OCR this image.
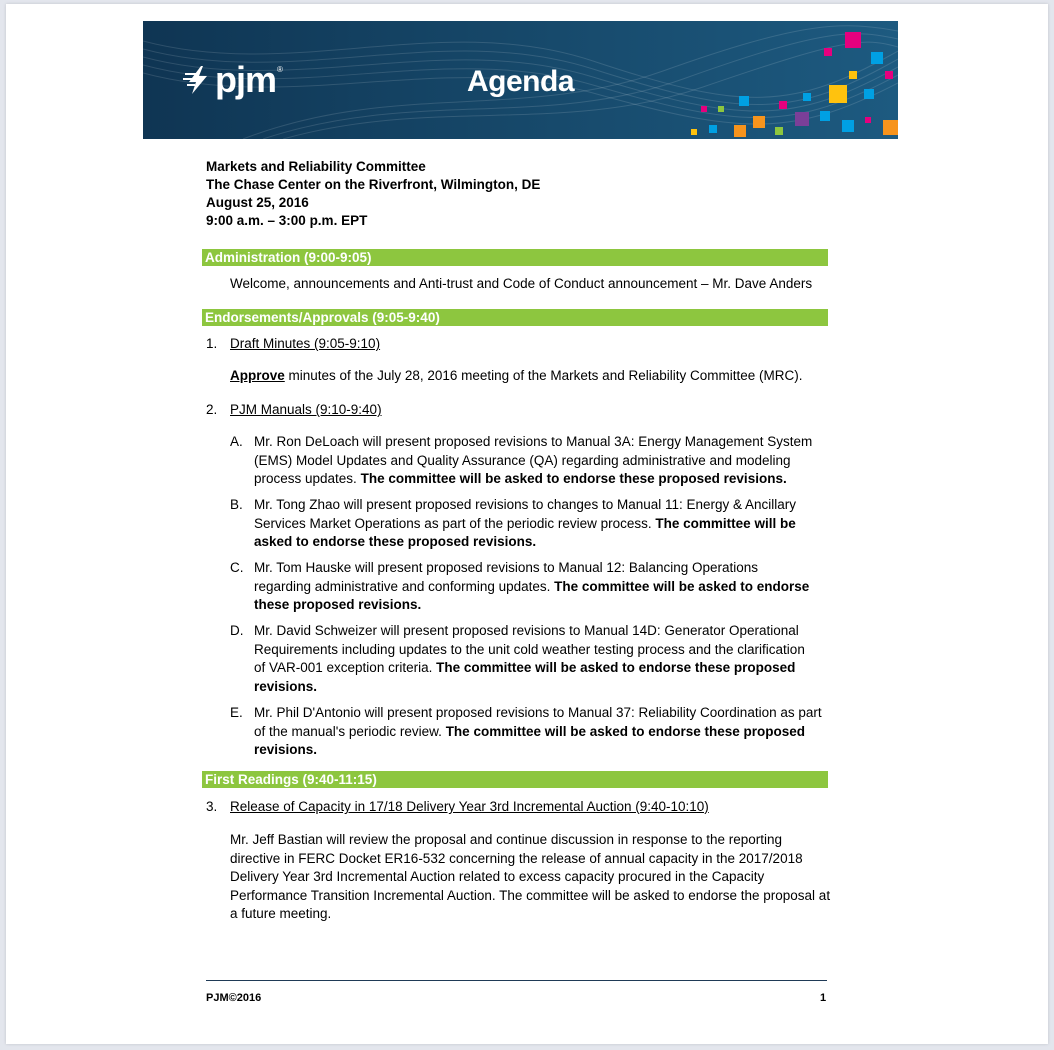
pjm ®	Agenda
Markets and Reliability Committee
The Chase Center on the Riverfront, Wilmington, DE
August 25, 2016
9:00 a.m. – 3:00 p.m. EPT
Administration (9:00-9:05)
Welcome, announcements and Anti-trust and Code of Conduct announcement – Mr. Dave Anders
Endorsements/Approvals (9:05-9:40)
1. Draft Minutes (9:05-9:10)
Approve minutes of the July 28, 2016 meeting of the Markets and Reliability Committee (MRC).
2. PJM Manuals (9:10-9:40)
A. Mr. Ron DeLoach will present proposed revisions to Manual 3A: Energy Management System (EMS) Model Updates and Quality Assurance (QA) regarding administrative and modeling process updates. The committee will be asked to endorse these proposed revisions.
B. Mr. Tong Zhao will present proposed revisions to changes to Manual 11: Energy & Ancillary Services Market Operations as part of the periodic review process. The committee will be asked to endorse these proposed revisions.
C. Mr. Tom Hauske will present proposed revisions to Manual 12: Balancing Operations regarding administrative and conforming updates. The committee will be asked to endorse these proposed revisions.
D. Mr. David Schweizer will present proposed revisions to Manual 14D: Generator Operational Requirements including updates to the unit cold weather testing process and the clarification of VAR-001 exception criteria. The committee will be asked to endorse these proposed revisions.
E. Mr. Phil D'Antonio will present proposed revisions to Manual 37: Reliability Coordination as part of the manual's periodic review. The committee will be asked to endorse these proposed revisions.
First Readings (9:40-11:15)
3. Release of Capacity in 17/18 Delivery Year 3rd Incremental Auction (9:40-10:10)
Mr. Jeff Bastian will review the proposal and continue discussion in response to the reporting directive in FERC Docket ER16-532 concerning the release of annual capacity in the 2017/2018 Delivery Year 3rd Incremental Auction related to excess capacity procured in the Capacity Performance Transition Incremental Auction. The committee will be asked to endorse the proposal at a future meeting.
PJM©2016	1
